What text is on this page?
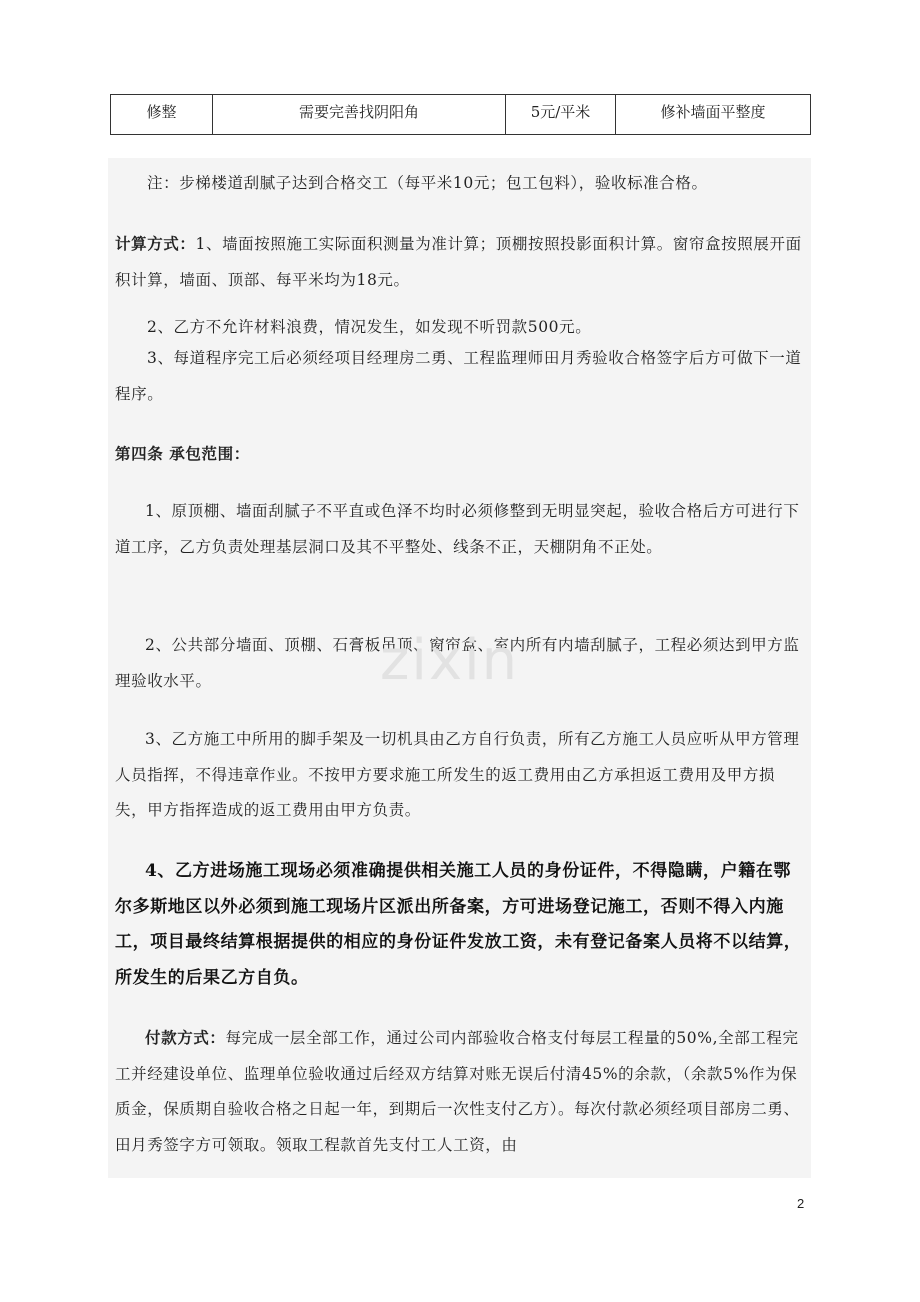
修整	需要完善找阴阳角	5元/平米	修补墙面平整度

注：步梯楼道刮腻子达到合格交工（每平米10元；包工包料），验收标准合格。

计算方式：1、墙面按照施工实际面积测量为准计算；顶棚按照投影面积计算。窗帘盒按照展开面积计算，墙面、顶部、每平米均为18元。

2、乙方不允许材料浪费，情况发生，如发现不听罚款500元。

3、每道程序完工后必须经项目经理房二勇、工程监理师田月秀验收合格签字后方可做下一道程序。

第四条 承包范围：

1、原顶棚、墙面刮腻子不平直或色泽不均时必须修整到无明显突起，验收合格后方可进行下道工序，乙方负责处理基层洞口及其不平整处、线条不正，天棚阴角不正处。

2、公共部分墙面、顶棚、石膏板吊顶、窗帘盒、室内所有内墙刮腻子，工程必须达到甲方监理验收水平。

3、乙方施工中所用的脚手架及一切机具由乙方自行负责，所有乙方施工人员应听从甲方管理人员指挥，不得违章作业。不按甲方要求施工所发生的返工费用由乙方承担返工费用及甲方损失，甲方指挥造成的返工费用由甲方负责。

4、乙方进场施工现场必须准确提供相关施工人员的身份证件，不得隐瞒，户籍在鄂尔多斯地区以外必须到施工现场片区派出所备案，方可进场登记施工，否则不得入内施工，项目最终结算根据提供的相应的身份证件发放工资，未有登记备案人员将不以结算，所发生的后果乙方自负。

付款方式：每完成一层全部工作，通过公司内部验收合格支付每层工程量的50%,全部工程完工并经建设单位、监理单位验收通过后经双方结算对账无误后付清45%的余款，（余款5%作为保质金，保质期自验收合格之日起一年，到期后一次性支付乙方）。每次付款必须经项目部房二勇、田月秀签字方可领取。领取工程款首先支付工人工资，由

zixin
2
